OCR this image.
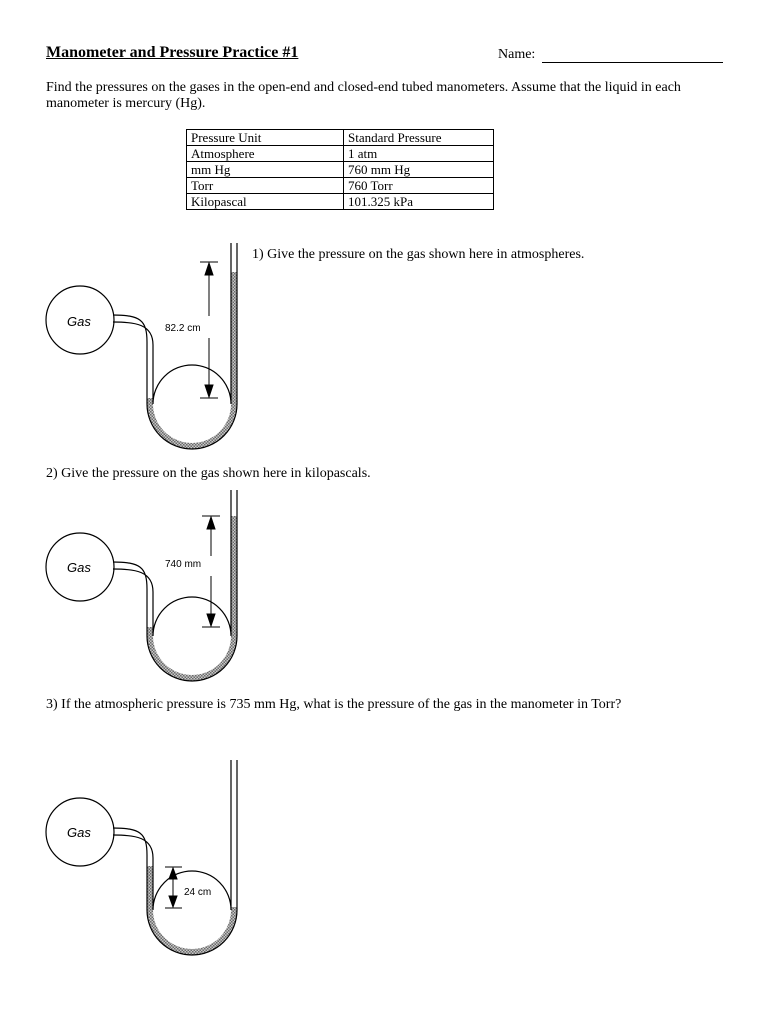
Manometer and Pressure Practice #1	Name:

Find the pressures on the gases in the open-end and closed-end tubed manometers. Assume that the liquid in each manometer is mercury (Hg).

Pressure Unit	Standard Pressure
Atmosphere	1 atm
mm Hg	760 mm Hg
Torr	760 Torr
Kilopascal	101.325 kPa
1) Give the pressure on the gas shown here in atmospheres.
Gas	82.2 cm
2) Give the pressure on the gas shown here in kilopascals.
Gas	740 mm
3) If the atmospheric pressure is 735 mm Hg, what is the pressure of the gas in the manometer in Torr?
Gas
24 cm
